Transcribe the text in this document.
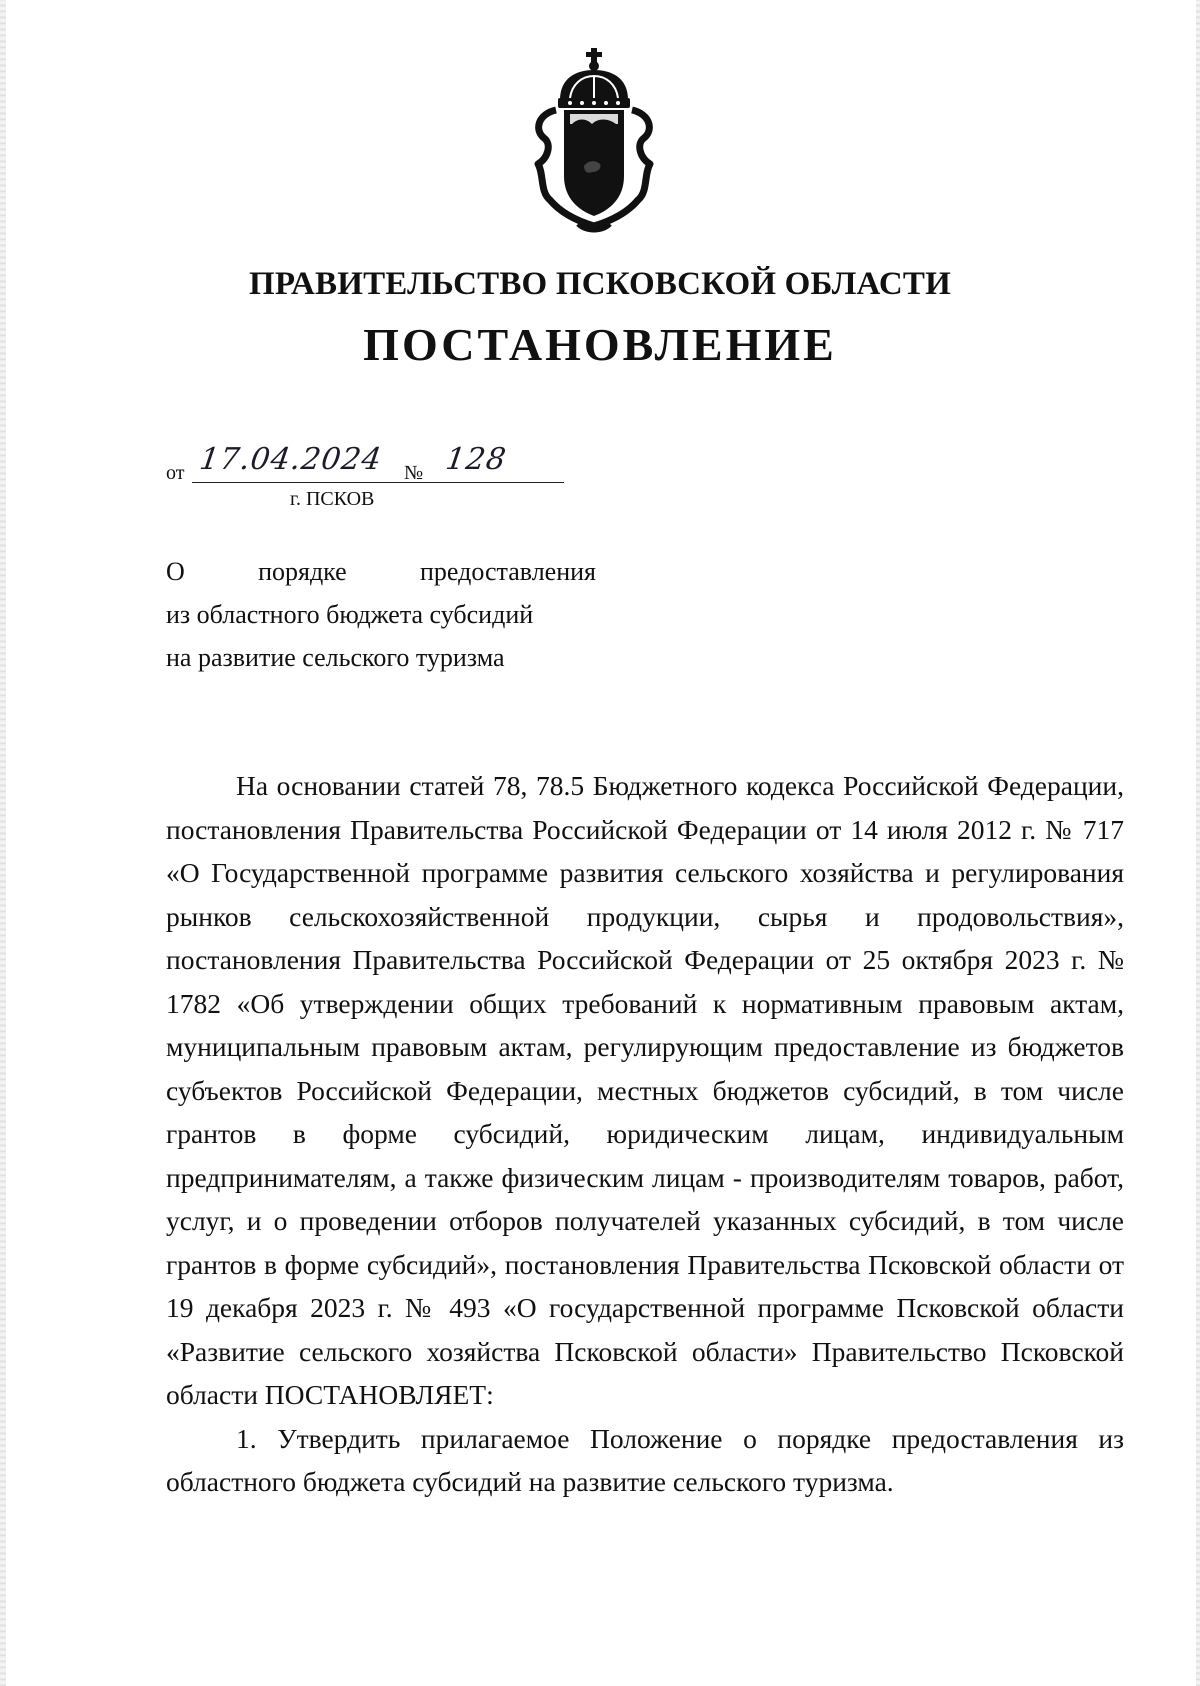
ПРАВИТЕЛЬСТВО ПСКОВСКОЙ ОБЛАСТИ
ПОСТАНОВЛЕНИЕ
от 17.04.2024 № 128
г. ПСКОВ
О	порядке	предоставления
из областного бюджета субсидий
на развитие сельского туризма

На основании статей 78, 78.5 Бюджетного кодекса Российской Федерации, постановления Правительства Российской Федерации от 14 июля 2012 г. № 717 «О Государственной программе развития сельского хозяйства и регулирования рынков сельскохозяйственной продукции, сырья и продовольствия», постановления Правительства Российской Федерации от 25 октября 2023 г. № 1782 «Об утверждении общих требований к нормативным правовым актам, муниципальным правовым актам, регулирующим предоставление из бюджетов субъектов Российской Федерации, местных бюджетов субсидий, в том числе грантов в форме субсидий, юридическим лицам, индивидуальным предпринимателям, а также физическим лицам - производителям товаров, работ, услуг, и о проведении отборов получателей указанных субсидий, в том числе грантов в форме субсидий», постановления Правительства Псковской области от 19 декабря 2023 г. № 493 «О государственной программе Псковской области «Развитие сельского хозяйства Псковской области» Правительство Псковской области ПОСТАНОВЛЯЕТ:

1. Утвердить прилагаемое Положение о порядке предоставления из областного бюджета субсидий на развитие сельского туризма.
